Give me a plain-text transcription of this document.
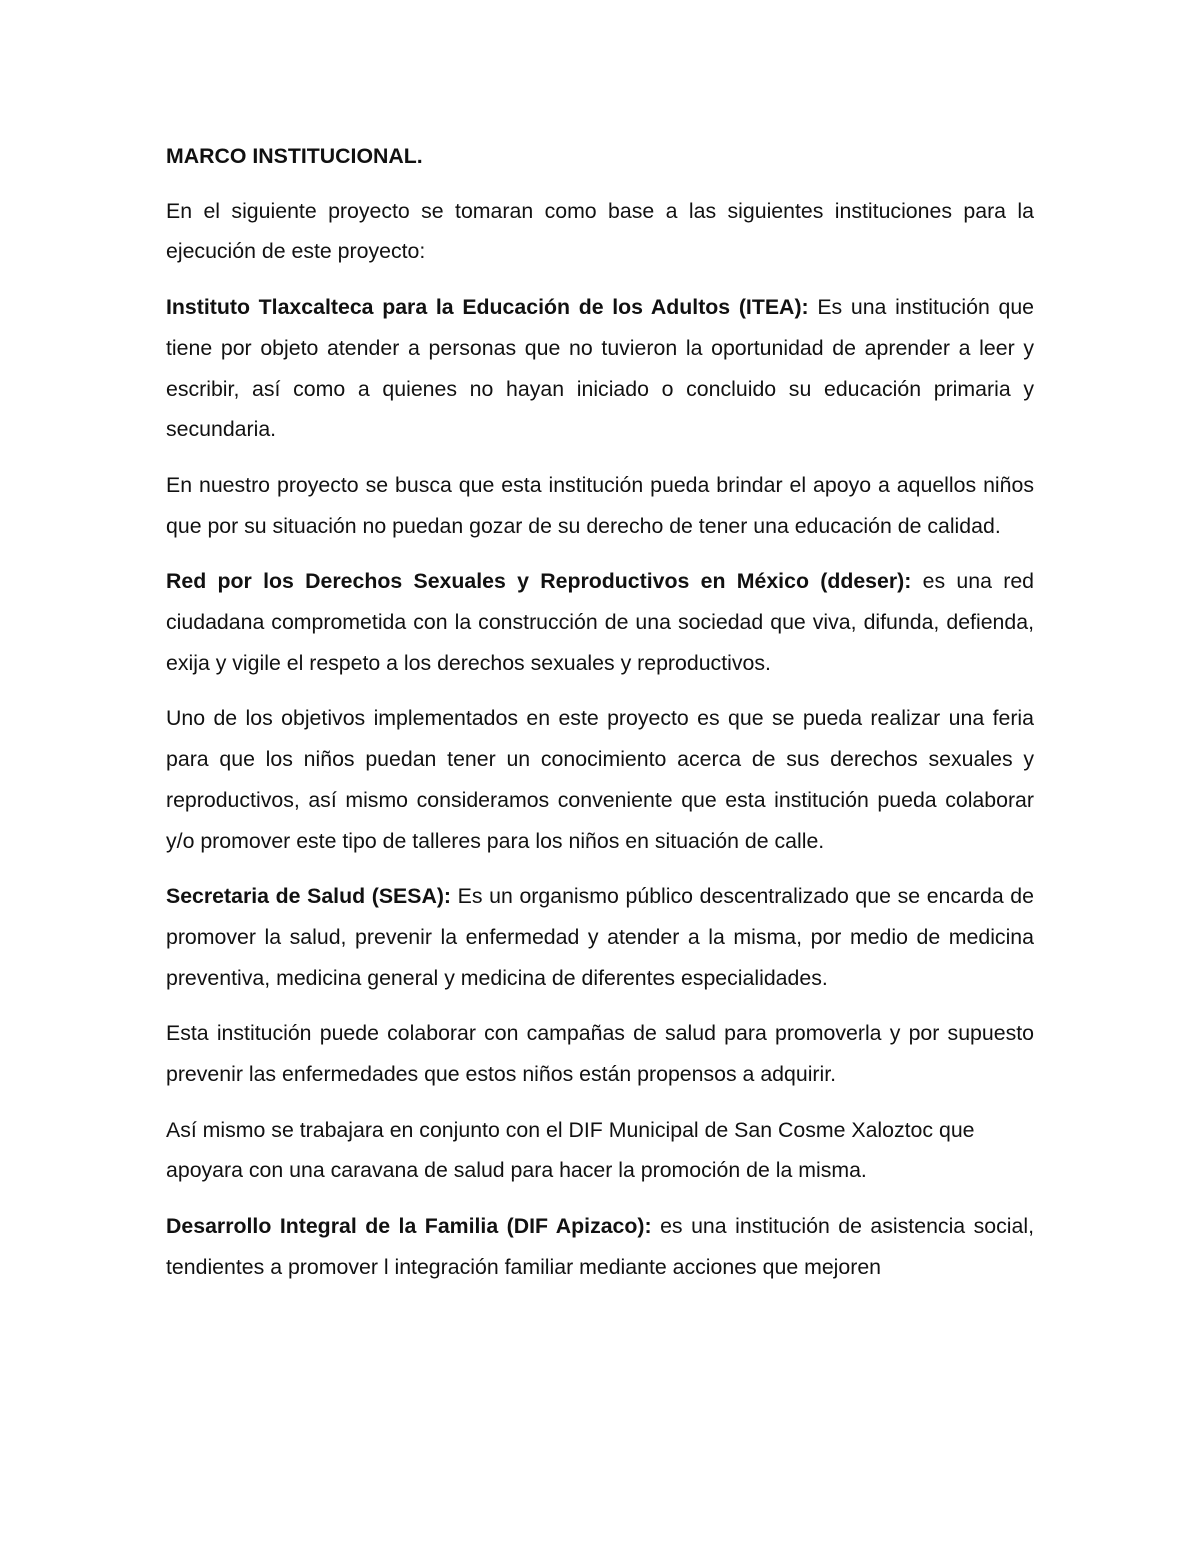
MARCO INSTITUCIONAL.

En el siguiente proyecto se tomaran como base a las siguientes instituciones para la ejecución de este proyecto:

Instituto Tlaxcalteca para la Educación de los Adultos (ITEA): Es una institución que tiene por objeto atender a personas que no tuvieron la oportunidad de aprender a leer y escribir, así como a quienes no hayan iniciado o concluido su educación primaria y secundaria.

En nuestro proyecto se busca que esta institución pueda brindar el apoyo a aquellos niños que por su situación no puedan gozar de su derecho de tener una educación de calidad.

Red por los Derechos Sexuales y Reproductivos en México (ddeser): es una red ciudadana comprometida con la construcción de una sociedad que viva, difunda, defienda, exija y vigile el respeto a los derechos sexuales y reproductivos.

Uno de los objetivos implementados en este proyecto es que se pueda realizar una feria para que los niños puedan tener un conocimiento acerca de sus derechos sexuales y reproductivos, así mismo consideramos conveniente que esta institución pueda colaborar y/o promover este tipo de talleres para los niños en situación de calle.

Secretaria de Salud (SESA): Es un organismo público descentralizado que se encarda de promover la salud, prevenir la enfermedad y atender a la misma, por medio de medicina preventiva, medicina general y medicina de diferentes especialidades.

Esta institución puede colaborar con campañas de salud para promoverla y por supuesto prevenir las enfermedades que estos niños están propensos a adquirir.

Así mismo se trabajara en conjunto con el DIF Municipal de San Cosme Xaloztoc que apoyara con una caravana de salud para hacer la promoción de la misma.

Desarrollo Integral de la Familia (DIF Apizaco): es una institución de asistencia social, tendientes a promover l integración familiar mediante acciones que mejoren
